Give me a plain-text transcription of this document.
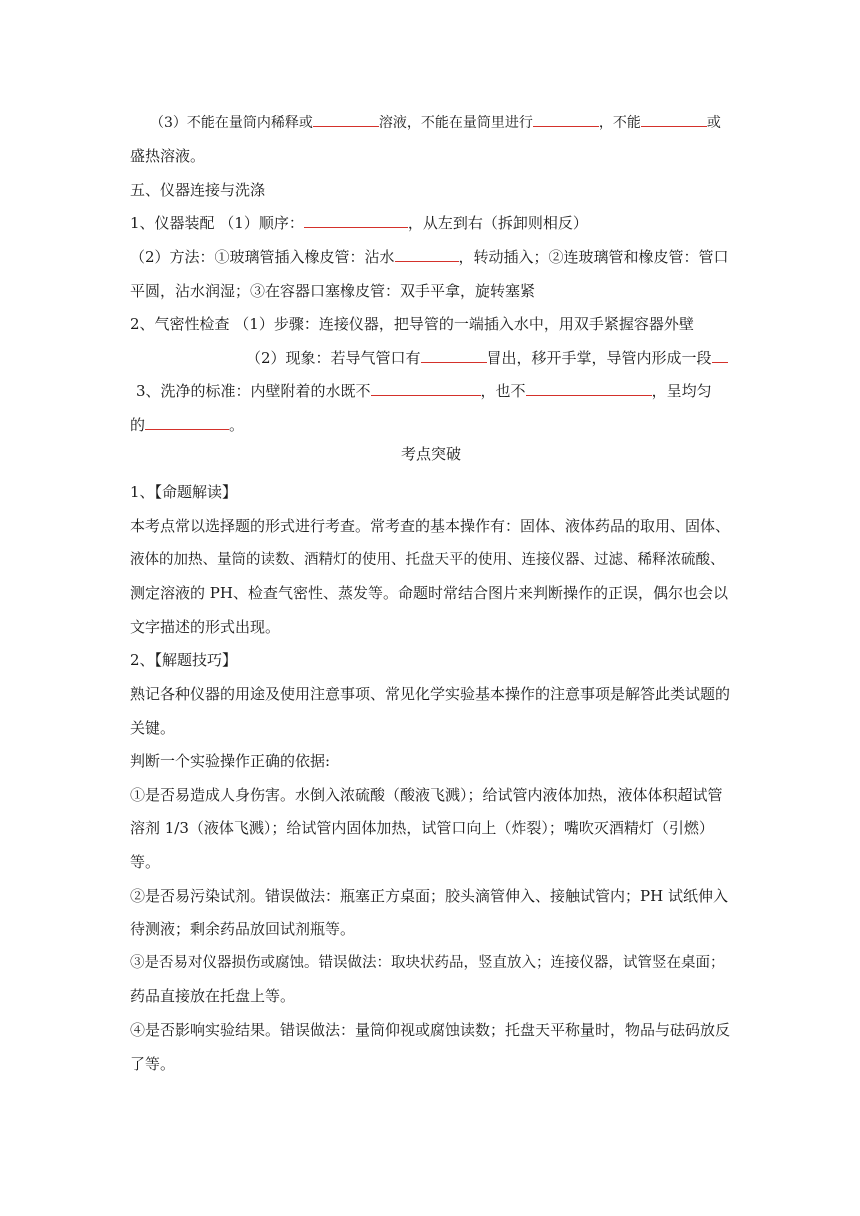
（3）不能在量筒内稀释或	溶液，不能在量筒里进行	，不能	或
盛热溶液。
五、仪器连接与洗涤
1、仪器装配 （1）顺序：	，从左到右（拆卸则相反）
（2）方法：①玻璃管插入橡皮管：沾水	，转动插入；②连玻璃管和橡皮管：管口
平圆，沾水润湿；③在容器口塞橡皮管：双手平拿，旋转塞紧
2、气密性检查 （1）步骤：连接仪器，把导管的一端插入水中，用双手紧握容器外壁
（2）现象：若导气管口有	冒出，移开手掌，导管内形成一段
3、洗净的标准：内壁附着的水既不	，也不	，呈均匀
的	。
考点突破
1、【命题解读】
本考点常以选择题的形式进行考查。常考查的基本操作有：固体、液体药品的取用、固体、
液体的加热、量筒的读数、酒精灯的使用、托盘天平的使用、连接仪器、过滤、稀释浓硫酸、
测定溶液的 PH、检查气密性、蒸发等。命题时常结合图片来判断操作的正误，偶尔也会以
文字描述的形式出现。
2、【解题技巧】
熟记各种仪器的用途及使用注意事项、常见化学实验基本操作的注意事项是解答此类试题的
关键。
判断一个实验操作正确的依据:
①是否易造成人身伤害。水倒入浓硫酸（酸液飞溅）；给试管内液体加热，液体体积超试管
溶剂 1/3（液体飞溅）；给试管内固体加热，试管口向上（炸裂）；嘴吹灭酒精灯（引燃）
等。
②是否易污染试剂。错误做法：瓶塞正方桌面；胶头滴管伸入、接触试管内；PH 试纸伸入
待测液；剩余药品放回试剂瓶等。
③是否易对仪器损伤或腐蚀。错误做法：取块状药品，竖直放入；连接仪器，试管竖在桌面；
药品直接放在托盘上等。
④是否影响实验结果。错误做法：量筒仰视或腐蚀读数；托盘天平称量时，物品与砝码放反
了等。
